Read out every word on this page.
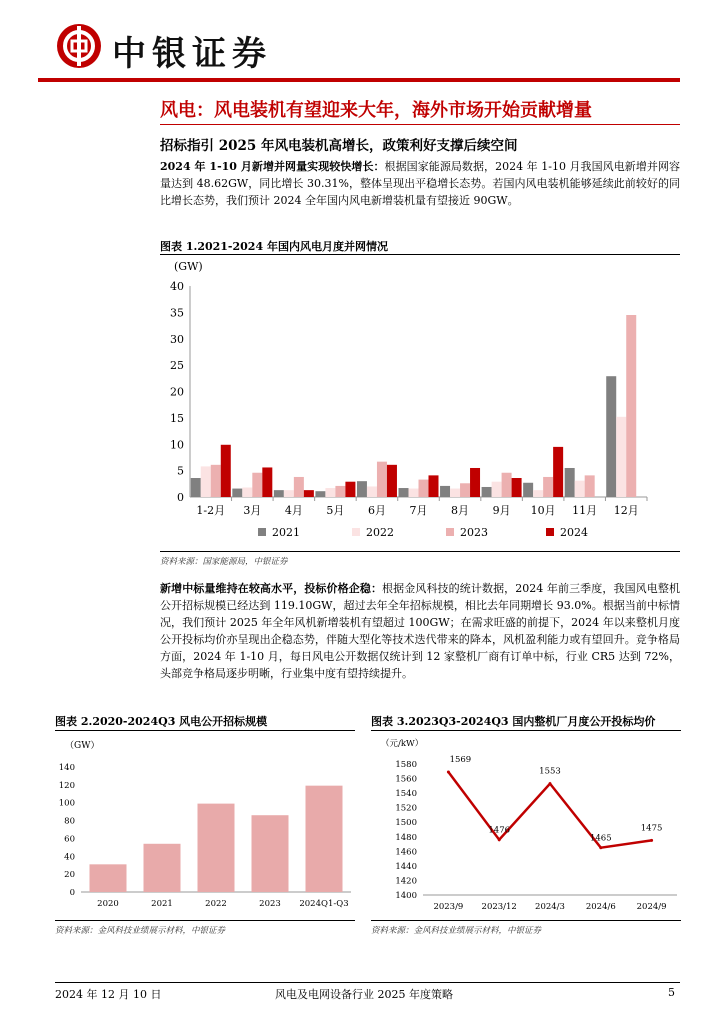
中银证券
风电：风电装机有望迎来大年，海外市场开始贡献增量
招标指引 2025 年风电装机高增长，政策利好支撑后续空间
2024 年 1-10 月新增并网量实现较快增长：根据国家能源局数据，2024 年 1-10 月我国风电新增并网容量达到 48.62GW，同比增长 30.31%，整体呈现出平稳增长态势。若国内风电装机能够延续此前较好的同比增长态势，我们预计 2024 全年国内风电新增装机量有望接近 90GW。
图表 1.2021-2024 年国内风电月度并网情况
(GW)
0
5
10
15
20
25
30
35
40
1-2月 3月 4月 5月 6月 7月 8月 9月 10月 11月 12月
2021	2022	2023	2024
资料来源：国家能源局，中银证券
新增中标量维持在较高水平，投标价格企稳：根据金风科技的统计数据，2024 年前三季度，我国风电整机公开招标规模已经达到 119.10GW，超过去年全年招标规模，相比去年同期增长 93.0%。根据当前中标情况，我们预计 2025 年全年风机新增装机有望超过 100GW；在需求旺盛的前提下，2024 年以来整机月度公开投标均价亦呈现出企稳态势，伴随大型化等技术迭代带来的降本，风机盈利能力或有望回升。竞争格局方面，2024 年 1-10 月，每日风电公开数据仅统计到 12 家整机厂商有订单中标，行业 CR5 达到 72%，头部竞争格局逐步明晰，行业集中度有望持续提升。
图表 2.2020-2024Q3 风电公开招标规模
（GW）
0
20
40
60
80
100
120
140
2020	2021	2022	2023 2024Q1-Q3
资料来源：金风科技业绩展示材料，中银证券
图表 3.2023Q3-2024Q3 国内整机厂月度公开投标均价
（元/kW）
1400
1420
1440
1460
1480
1500
1520
1540
1560
1580	1569
2023/9
1476
2023/12
1553
2024/3
1465
2024/6
1475
2024/9
资料来源：金风科技业绩展示材料，中银证券
2024 年 12 月 10 日	风电及电网设备行业 2025 年度策略	5
